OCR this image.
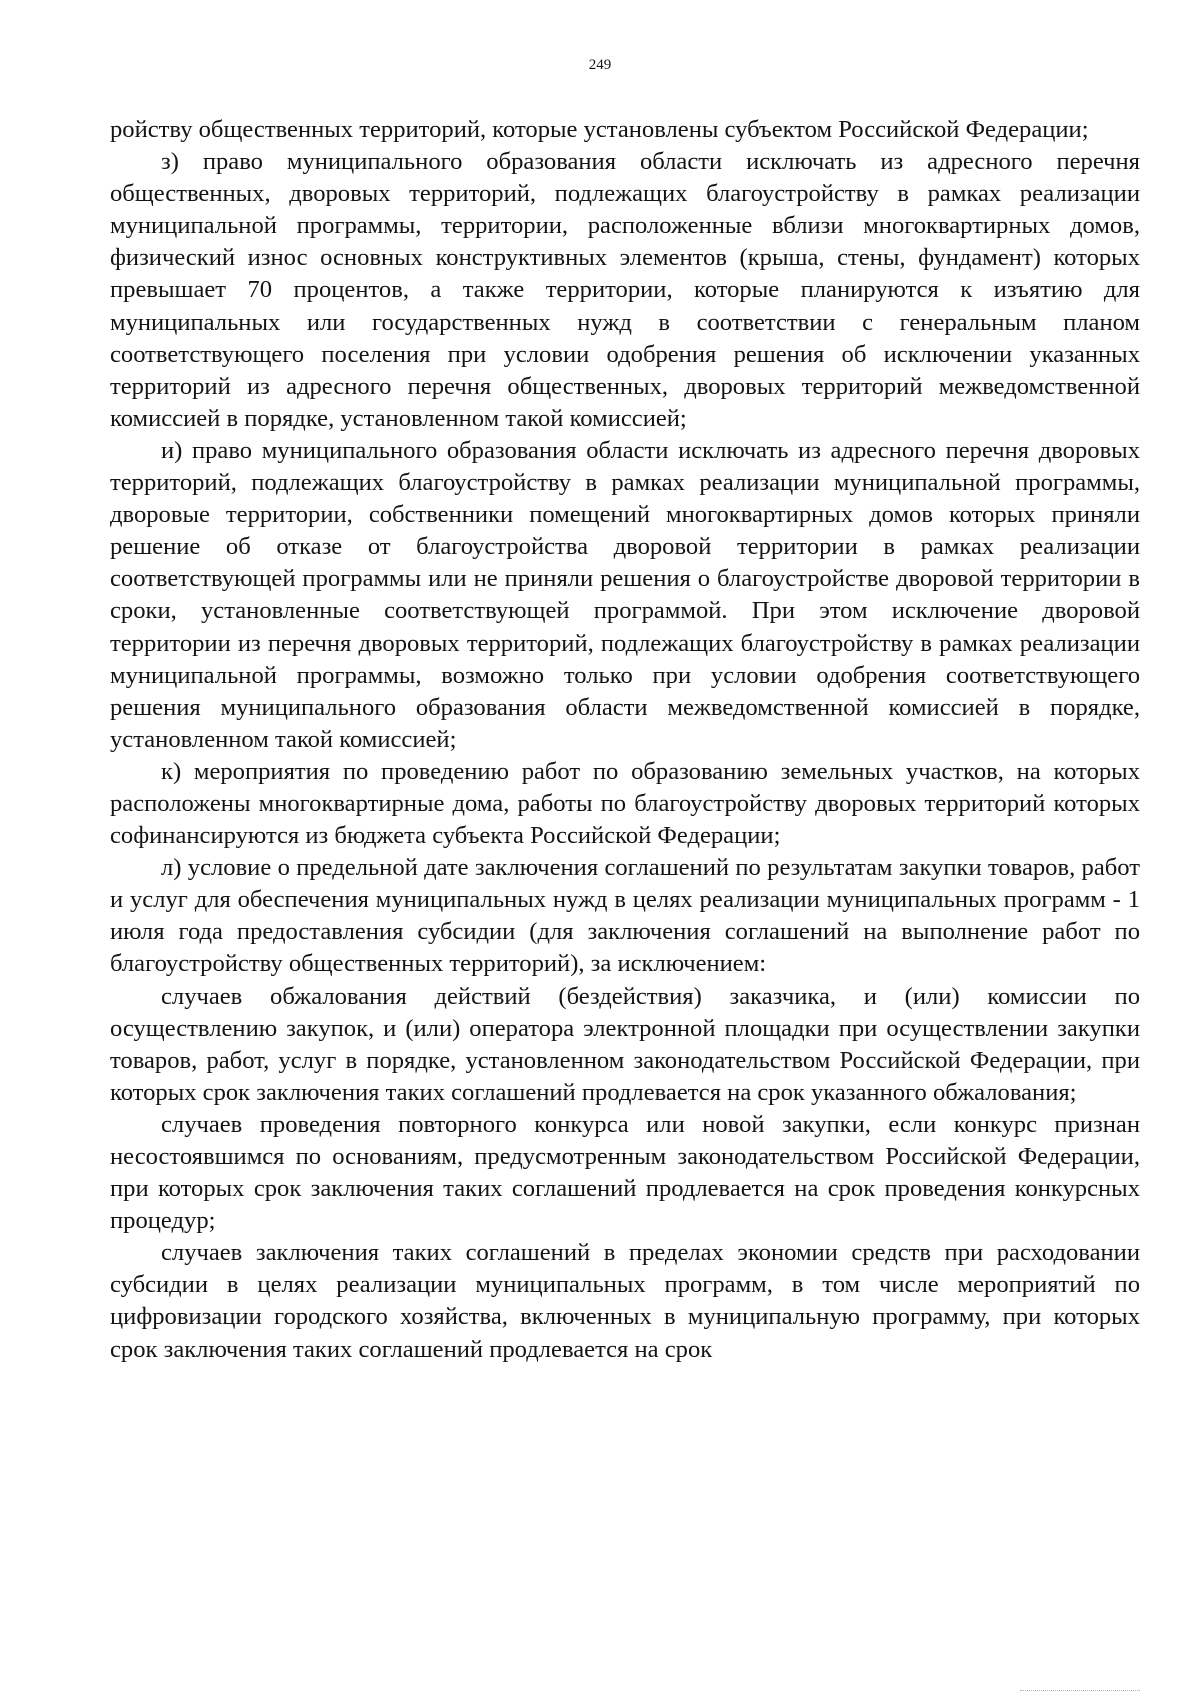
249

ройству общественных территорий, которые установлены субъектом Российской Федерации;

з) право муниципального образования области исключать из адресного перечня общественных, дворовых территорий, подлежащих благоустройству в рамках реализации муниципальной программы, территории, расположенные вблизи многоквартирных домов, физический износ основных конструктивных элементов (крыша, стены, фундамент) которых превышает 70 процентов, а также территории, которые планируются к изъятию для муниципальных или государственных нужд в соответствии с генеральным планом соответствующего поселения при условии одобрения решения об исключении указанных территорий из адресного перечня общественных, дворовых территорий межведомственной комиссией в порядке, установленном такой комиссией;

и) право муниципального образования области исключать из адресного перечня дворовых территорий, подлежащих благоустройству в рамках реализации муниципальной программы, дворовые территории, собственники помещений многоквартирных домов которых приняли решение об отказе от благоустройства дворовой территории в рамках реализации соответствующей программы или не приняли решения о благоустройстве дворовой территории в сроки, установленные соответствующей программой. При этом исключение дворовой территории из перечня дворовых территорий, подлежащих благоустройству в рамках реализации муниципальной программы, возможно только при условии одобрения соответствующего решения муниципального образования области межведомственной комиссией в порядке, установленном такой комиссией;

к) мероприятия по проведению работ по образованию земельных участков, на которых расположены многоквартирные дома, работы по благоустройству дворовых территорий которых софинансируются из бюджета субъекта Российской Федерации;

л) условие о предельной дате заключения соглашений по результатам закупки товаров, работ и услуг для обеспечения муниципальных нужд в целях реализации муниципальных программ - 1 июля года предоставления субсидии (для заключения соглашений на выполнение работ по благоустройству общественных территорий), за исключением:

случаев обжалования действий (бездействия) заказчика, и (или) комиссии по осуществлению закупок, и (или) оператора электронной площадки при осуществлении закупки товаров, работ, услуг в порядке, установленном законодательством Российской Федерации, при которых срок заключения таких соглашений продлевается на срок указанного обжалования;

случаев проведения повторного конкурса или новой закупки, если конкурс признан несостоявшимся по основаниям, предусмотренным законодательством Российской Федерации, при которых срок заключения таких соглашений продлевается на срок проведения конкурсных процедур;

случаев заключения таких соглашений в пределах экономии средств при расходовании субсидии в целях реализации муниципальных программ, в том числе мероприятий по цифровизации городского хозяйства, включенных в муниципальную программу, при которых срок заключения таких соглашений продлевается на срок
